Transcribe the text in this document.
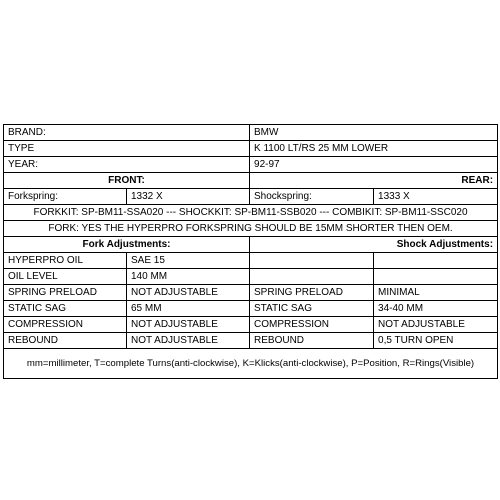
BRAND:		BMW	
TYPE		K 1100 LT/RS 25 MM LOWER	
YEAR:		92-97	
FRONT:		REAR:	
Forkspring:	1332 X	Shockspring:	1333 X
FORKKIT: SP-BM11-SSA020 --- SHOCKKIT: SP-BM11-SSB020 --- COMBIKIT: SP-BM11-SSC020			
FORK: YES THE HYPERPRO FORKSPRING SHOULD BE 15MM SHORTER THEN OEM.			
Fork Adjustments:		Shock Adjustments:	
HYPERPRO OIL	SAE 15		
OIL LEVEL	140 MM		
SPRING PRELOAD	NOT ADJUSTABLE	SPRING PRELOAD	MINIMAL
STATIC SAG	65 MM	STATIC SAG	34-40 MM
COMPRESSION	NOT ADJUSTABLE	COMPRESSION	NOT ADJUSTABLE
REBOUND	NOT ADJUSTABLE	REBOUND	0,5 TURN OPEN
mm=millimeter, T=complete Turns(anti-clockwise), K=Klicks(anti-clockwise), P=Position, R=Rings(Visible)			
